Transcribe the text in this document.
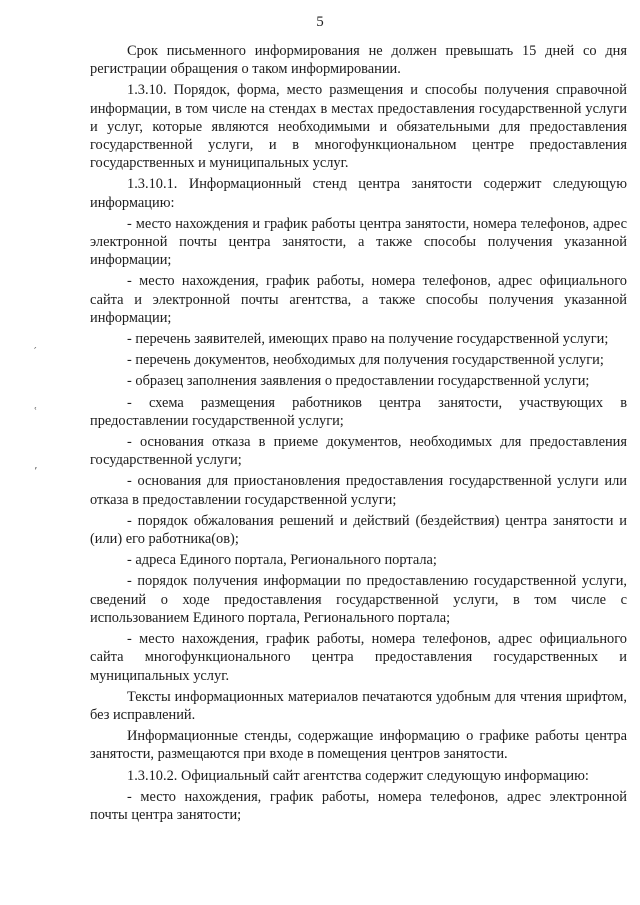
5

′
ʿ
’

Срок письменного информирования не должен превышать 15 дней со дня регистрации обращения о таком информировании.

1.3.10. Порядок, форма, место размещения и способы получения справочной информации, в том числе на стендах в местах предоставления государственной услуги и услуг, которые являются необходимыми и обязательными для предоставления государственной услуги, и в многофункциональном центре предоставления государственных и муниципальных услуг.

1.3.10.1. Информационный стенд центра занятости содержит следующую информацию:

- место нахождения и график работы центра занятости, номера телефонов, адрес электронной почты центра занятости, а также способы получения указанной информации;

- место нахождения, график работы, номера телефонов, адрес официального сайта и электронной почты агентства, а также способы получения указанной информации;

- перечень заявителей, имеющих право на получение государственной услуги;

- перечень документов, необходимых для получения государственной услуги;

- образец заполнения заявления о предоставлении государственной услуги;

- схема размещения работников центра занятости, участвующих в предоставлении государственной услуги;

- основания отказа в приеме документов, необходимых для предоставления государственной услуги;

- основания для приостановления предоставления государственной услуги или отказа в предоставлении государственной услуги;

- порядок обжалования решений и действий (бездействия) центра занятости и (или) его работника(ов);

- адреса Единого портала, Регионального портала;

- порядок получения информации по предоставлению государственной услуги, сведений о ходе предоставления государственной услуги, в том числе с использованием Единого портала, Регионального портала;

- место нахождения, график работы, номера телефонов, адрес официального сайта многофункционального центра предоставления государственных и муниципальных услуг.

Тексты информационных материалов печатаются удобным для чтения шрифтом, без исправлений.

Информационные стенды, содержащие информацию о графике работы центра занятости, размещаются при входе в помещения центров занятости.

1.3.10.2. Официальный сайт агентства содержит следующую информацию:

- место нахождения, график работы, номера телефонов, адрес электронной почты центра занятости;
